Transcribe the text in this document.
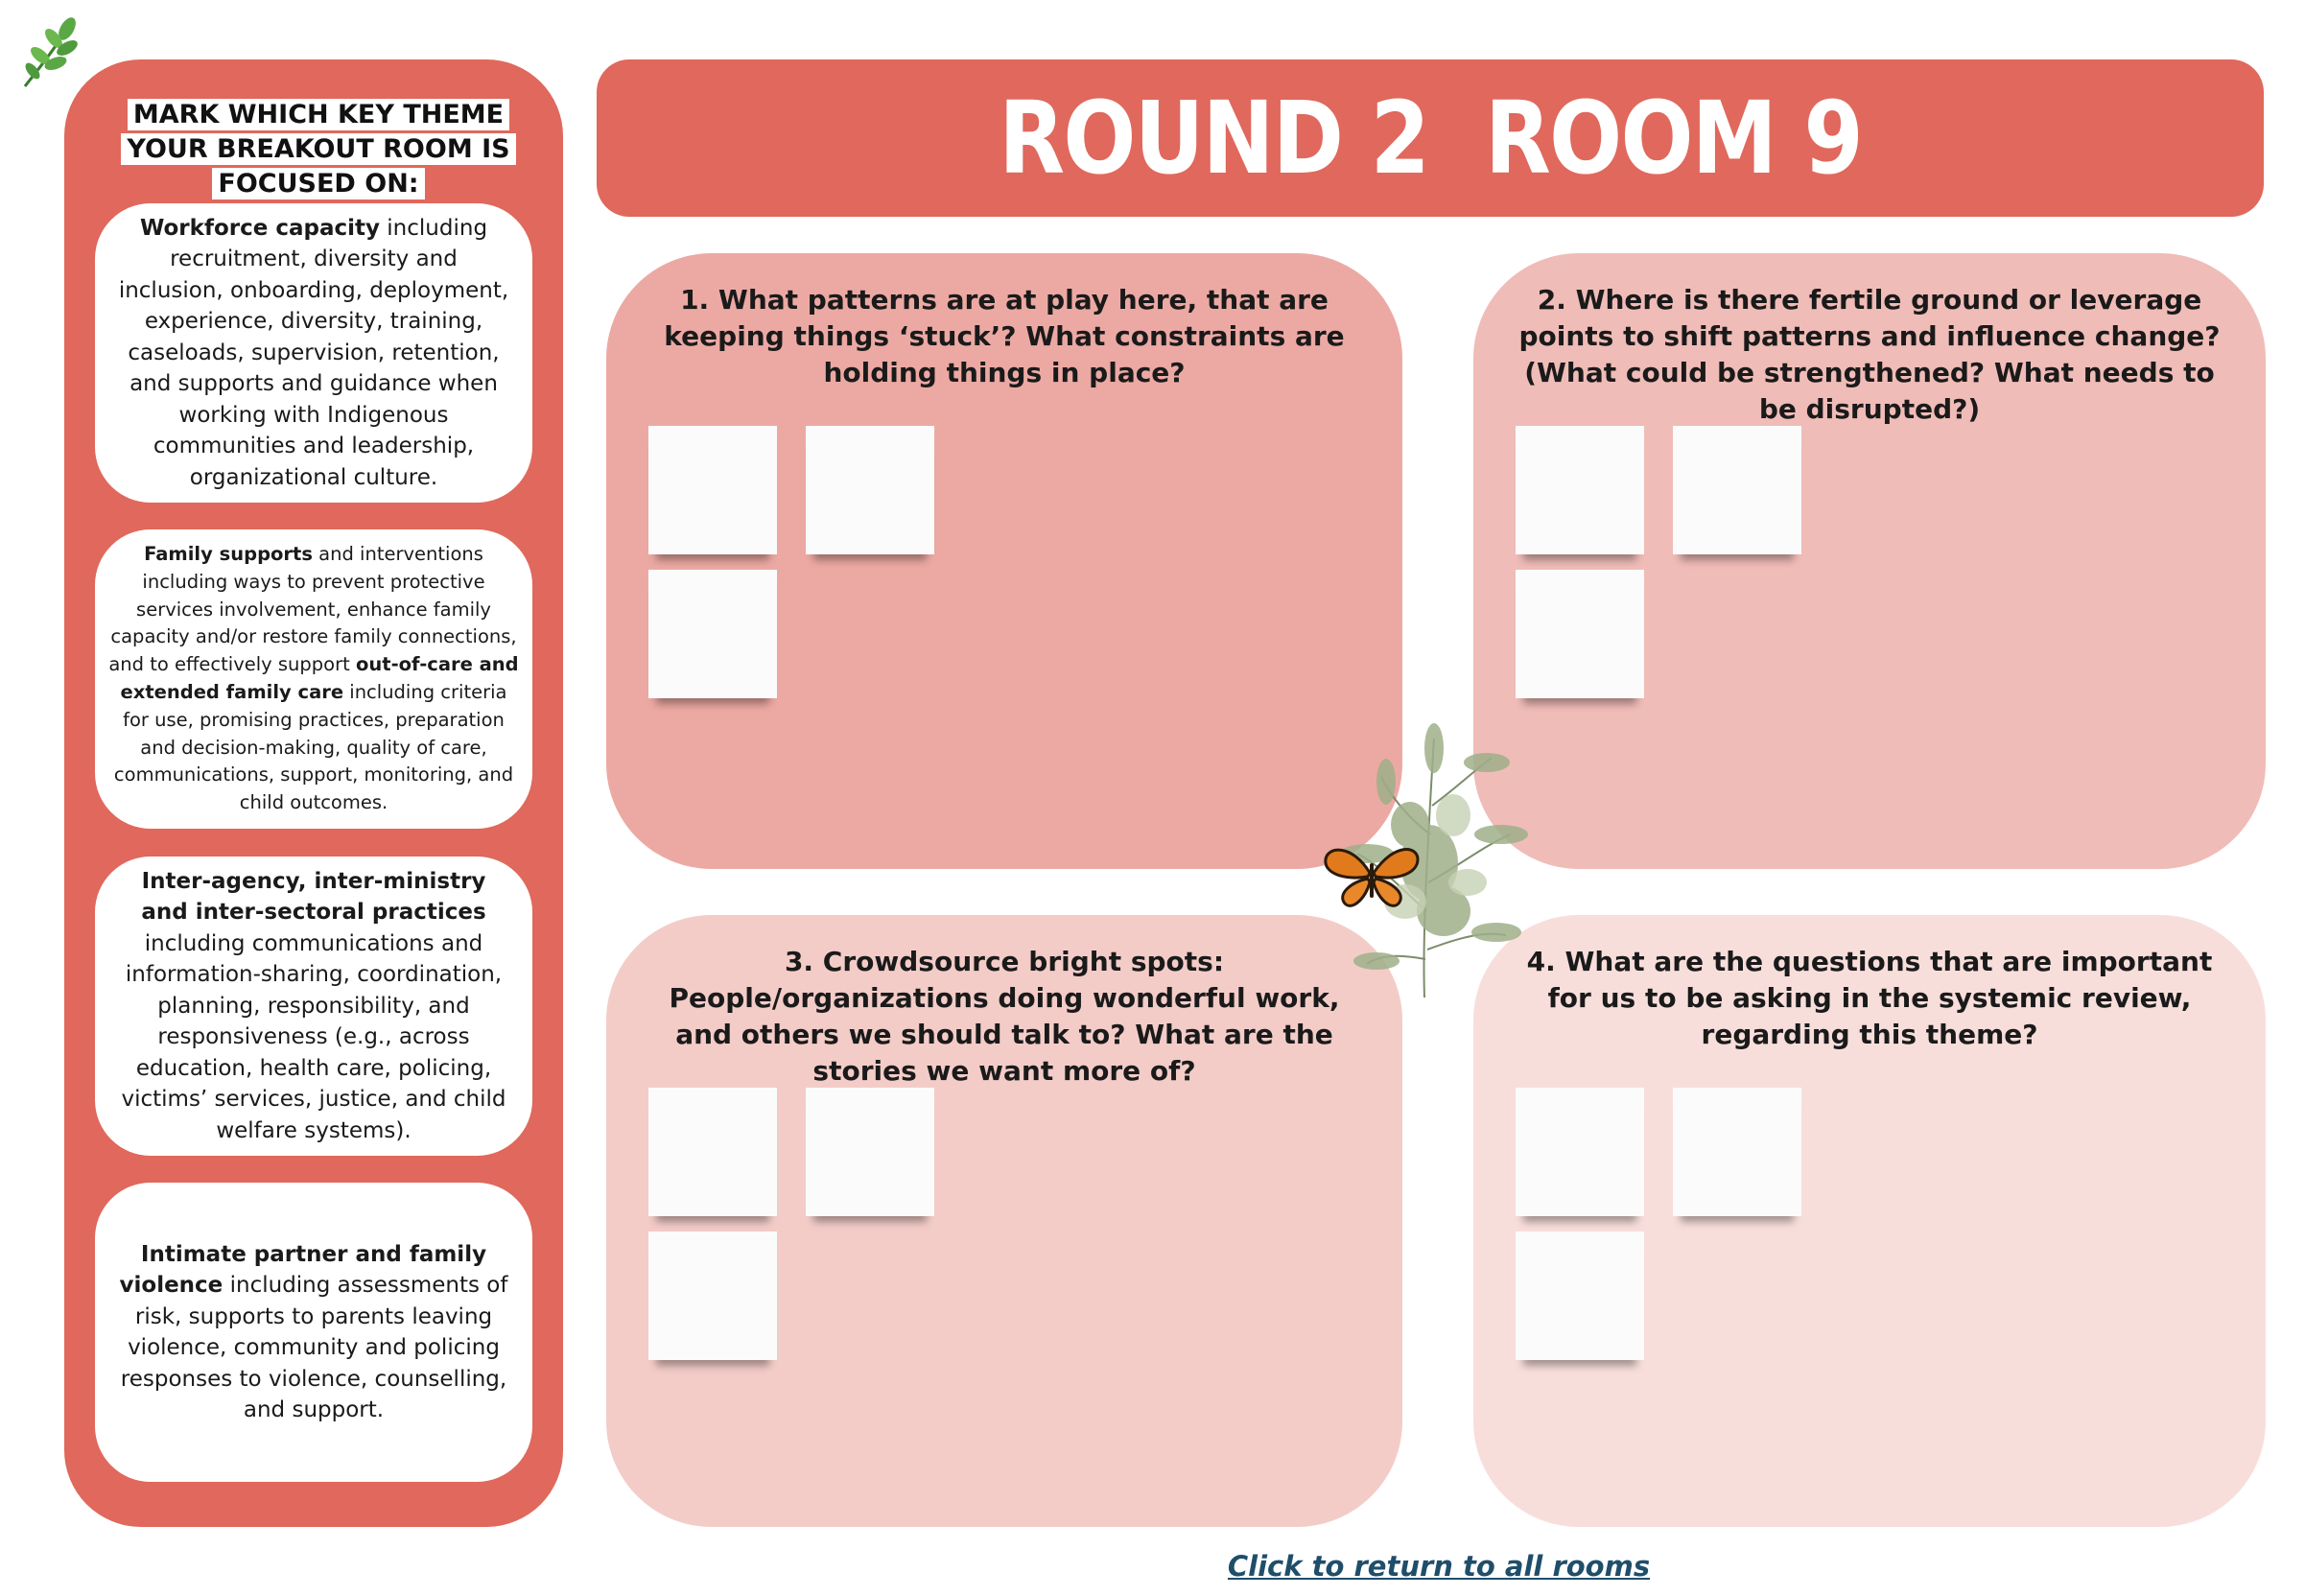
MARK WHICH KEY THEME YOUR BREAKOUT ROOM IS FOCUSED ON:
Workforce capacity including recruitment, diversity and inclusion, onboarding, deployment, experience, diversity, training, caseloads, supervision, retention, and supports and guidance when working with Indigenous communities and leadership, organizational culture.
Family supports and interventions including ways to prevent protective services involvement, enhance family capacity and/or restore family connections, and to effectively support out-of-care and extended family care including criteria for use, promising practices, preparation and decision-making, quality of care, communications, support, monitoring, and child outcomes.
Inter-agency, inter-ministry and inter-sectoral practices including communications and information-sharing, coordination, planning, responsibility, and responsiveness (e.g., across education, health care, policing, victims’ services, justice, and child welfare systems).
Intimate partner and family violence including assessments of risk, supports to parents leaving violence, community and policing responses to violence, counselling, and support.
ROUND 2  ROOM 9
1. What patterns are at play here, that are keeping things ‘stuck’? What constraints are holding things in place?
2. Where is there fertile ground or leverage points to shift patterns and influence change? (What could be strengthened? What needs to be disrupted?)
3. Crowdsource bright spots: People/organizations doing wonderful work, and others we should talk to? What are the stories we want more of?
4. What are the questions that are important for us to be asking in the systemic review, regarding this theme?
Click to return to all rooms
